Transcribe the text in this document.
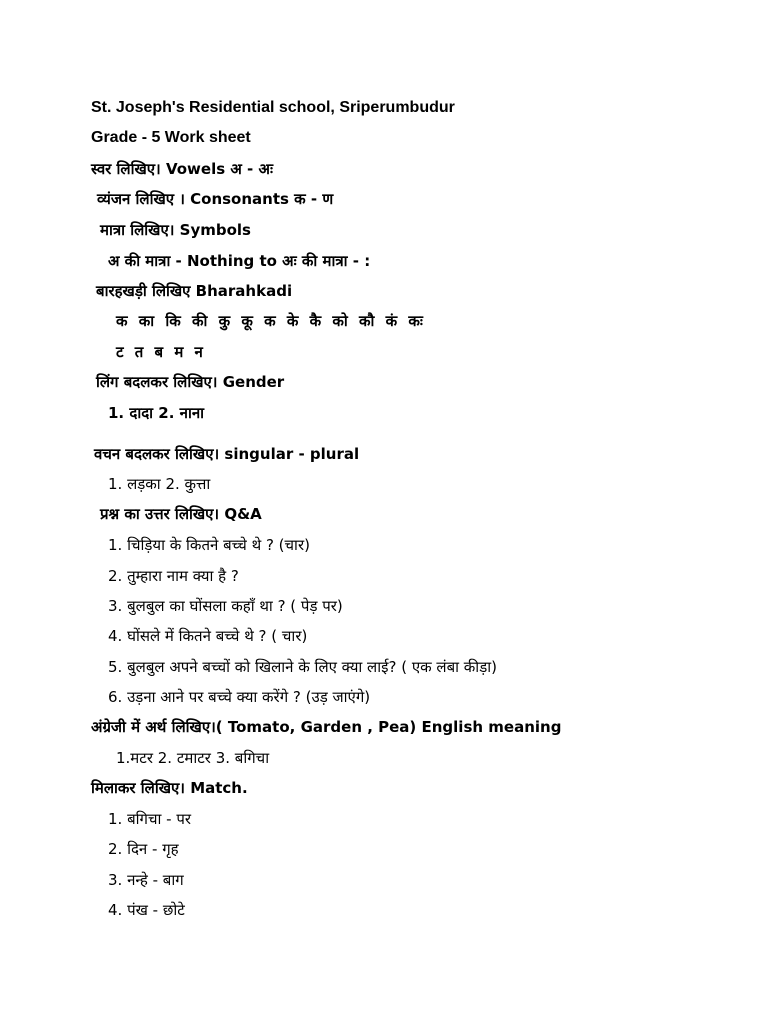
St. Joseph's Residential school, Sriperumbudur
Grade - 5 Work sheet
स्वर लिखिए। Vowels अ - अः
व्यंजन लिखिए । Consonants क - ण
मात्रा लिखिए। Symbols
अ की मात्रा - Nothing to अः की मात्रा - :
बारहखड़ी लिखिए Bharahkadi
क का कि की कु कू क के कै को कौ कं कः
ट त ब म न
लिंग बदलकर लिखिए। Gender
1. दादा 2. नाना
वचन बदलकर लिखिए। singular - plural
1. लड़का 2. कुत्ता
प्रश्न का उत्तर लिखिए। Q&A
1. चिड़िया के कितने बच्चे थे ? (चार)
2. तुम्हारा नाम क्या है ?
3. बुलबुल का घोंसला कहाँ था ? ( पेड़ पर)
4. घोंसले में कितने बच्चे थे ? ( चार)
5. बुलबुल अपने बच्चों को खिलाने के लिए क्या लाई? ( एक लंबा कीड़ा)
6. उड़ना आने पर बच्चे क्या करेंगे ? (उड़ जाएंगे)
अंग्रेजी में अर्थ लिखिए।( Tomato, Garden , Pea) English meaning
1.मटर 2. टमाटर 3. बगिचा
मिलाकर लिखिए। Match.
1. बगिचा - पर
2. दिन - गृह
3. नन्हे - बाग
4. पंख - छोटे
